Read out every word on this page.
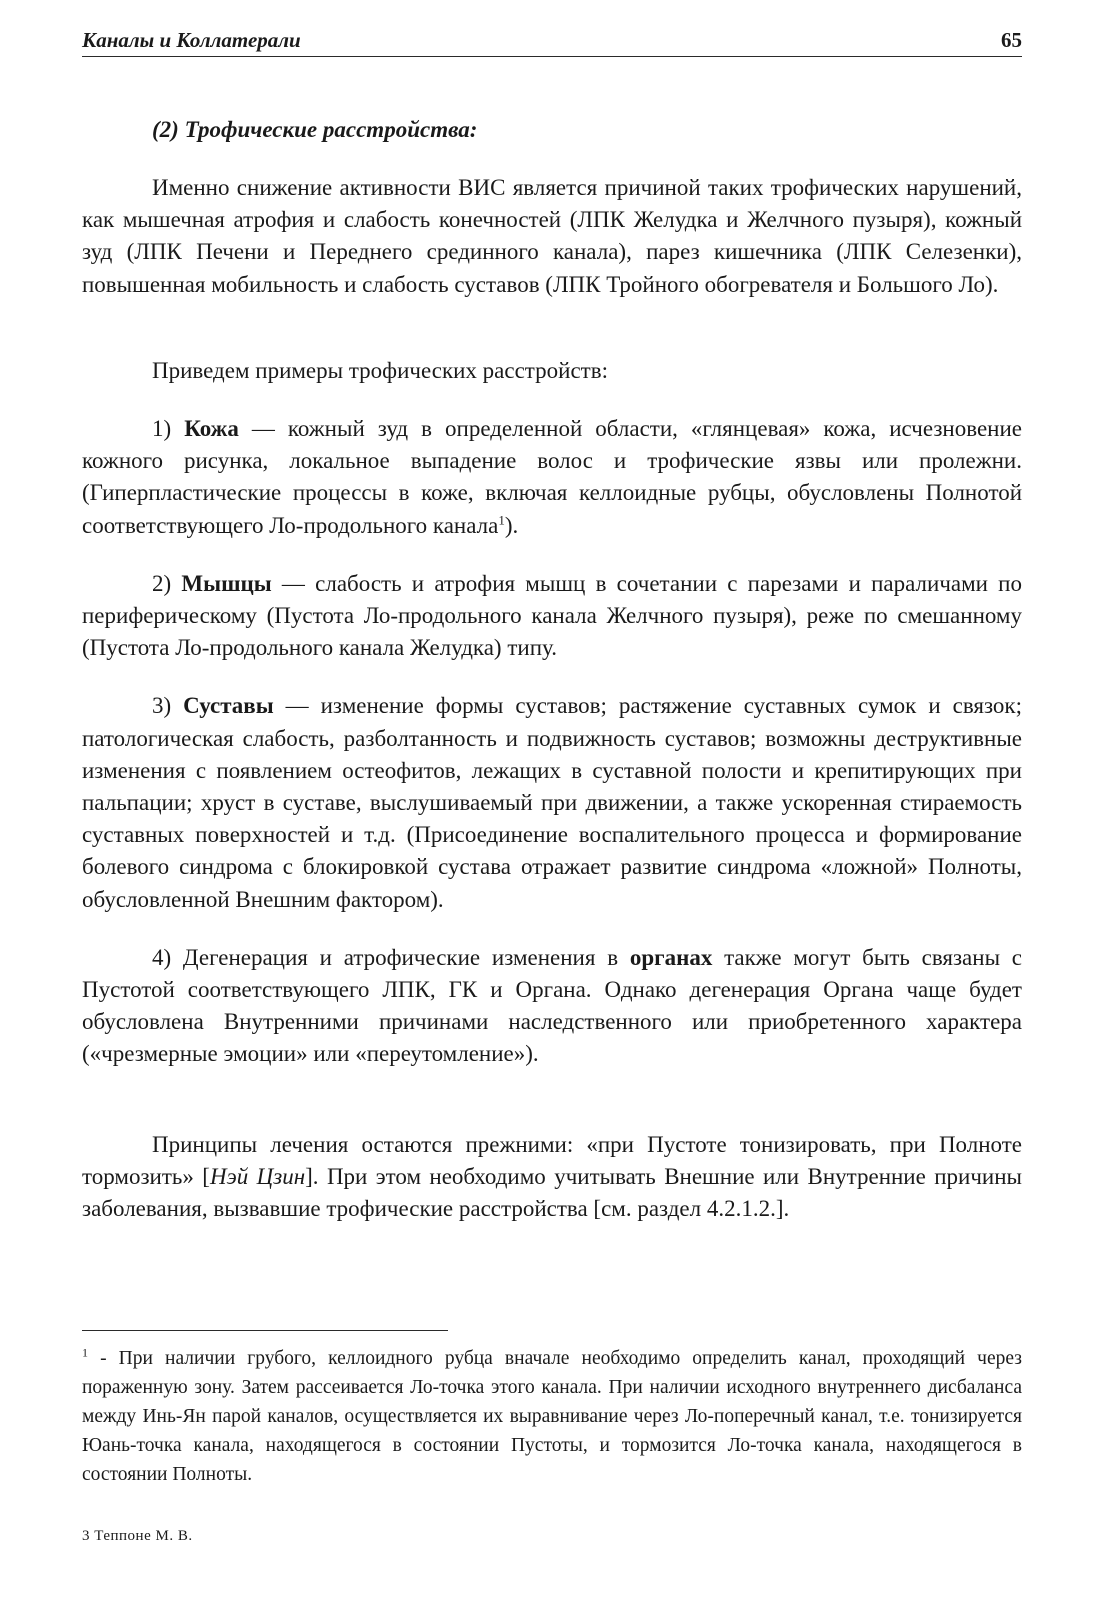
Каналы и Коллатерали	65

(2) Трофические расстройства:

Именно снижение активности ВИС является причиной таких трофических нарушений, как мышечная атрофия и слабость конечностей (ЛПК Желудка и Желчного пузыря), кожный зуд (ЛПК Печени и Переднего срединного канала), парез кишечника (ЛПК Селезенки), повышенная мобильность и слабость суставов (ЛПК Тройного обогревателя и Большого Ло).

Приведем примеры трофических расстройств:

1) Кожа — кожный зуд в определенной области, «глянцевая» кожа, исчезновение кожного рисунка, локальное выпадение волос и трофические язвы или пролежни. (Гиперпластические процессы в коже, включая келлоидные рубцы, обусловлены Полнотой соответствующего Ло-продольного канала$^1$).

2) Мышцы — слабость и атрофия мышц в сочетании с парезами и параличами по периферическому (Пустота Ло-продольного канала Желчного пузыря), реже по смешанному (Пустота Ло-продольного канала Желудка) типу.

3) Суставы — изменение формы суставов; растяжение суставных сумок и связок; патологическая слабость, разболтанность и подвижность суставов; возможны деструктивные изменения с появлением остеофитов, лежащих в суставной полости и крепитирующих при пальпации; хруст в суставе, выслушиваемый при движении, а также ускоренная стираемость суставных поверхностей и т.д. (Присоединение воспалительного процесса и формирование болевого синдрома с блокировкой сустава отражает развитие синдрома «ложной» Полноты, обусловленной Внешним фактором).

4) Дегенерация и атрофические изменения в органах также могут быть связаны с Пустотой соответствующего ЛПК, ГК и Органа. Однако дегенерация Органа чаще будет обусловлена Внутренними причинами наследственного или приобретенного характера («чрезмерные эмоции» или «переутомление»).

Принципы лечения остаются прежними: «при Пустоте тонизировать, при Полноте тормозить» [Нэй Цзин]. При этом необходимо учитывать Внешние или Внутренние причины заболевания, вызвавшие трофические расстройства [см. раздел 4.2.1.2.].

$^1$ - При наличии грубого, келлоидного рубца вначале необходимо определить канал, проходящий через пораженную зону. Затем рассеивается Ло-точка этого канала. При наличии исходного внутреннего дисбаланса между Инь-Ян парой каналов, осуществляется их выравнивание через Ло-поперечный канал, т.е. тонизируется Юань-точка канала, находящегося в состоянии Пустоты, и тормозится Ло-точка канала, находящегося в состоянии Полноты.

3 Теппоне М. В.
